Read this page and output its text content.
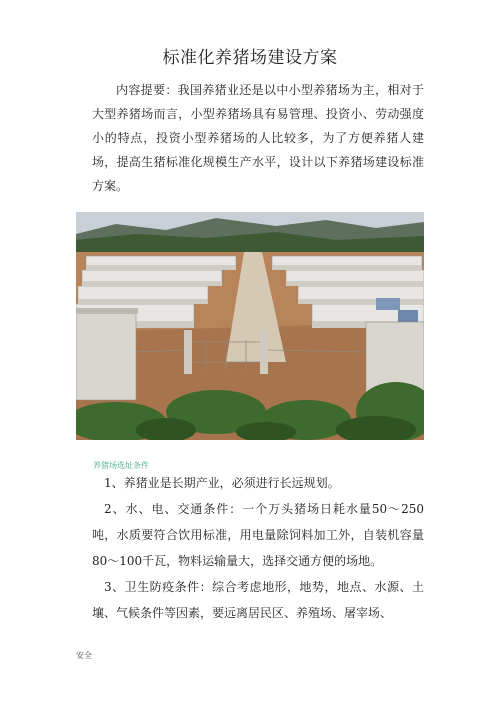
标准化养猪场建设方案
内容提要：我国养猪业还是以中小型养猪场为主，相对于大型养猪场而言，小型养猪场具有易管理、投资小、劳动强度小的特点，投资小型养猪场的人比较多，为了方便养猪人建场，提高生猪标准化规模生产水平，设计以下养猪场建设标准方案。
养猪场选址条件
1、养猪业是长期产业，必须进行长远规划。
2、水、电、交通条件：一个万头猪场日耗水量50～250吨，水质要符合饮用标准，用电量除饲料加工外，自装机容量80～100千瓦，物料运输量大，选择交通方便的场地。
3、卫生防疫条件：综合考虑地形，地势，地点、水源、土壤、气候条件等因素，要远离居民区、养殖场、屠宰场、
安全
